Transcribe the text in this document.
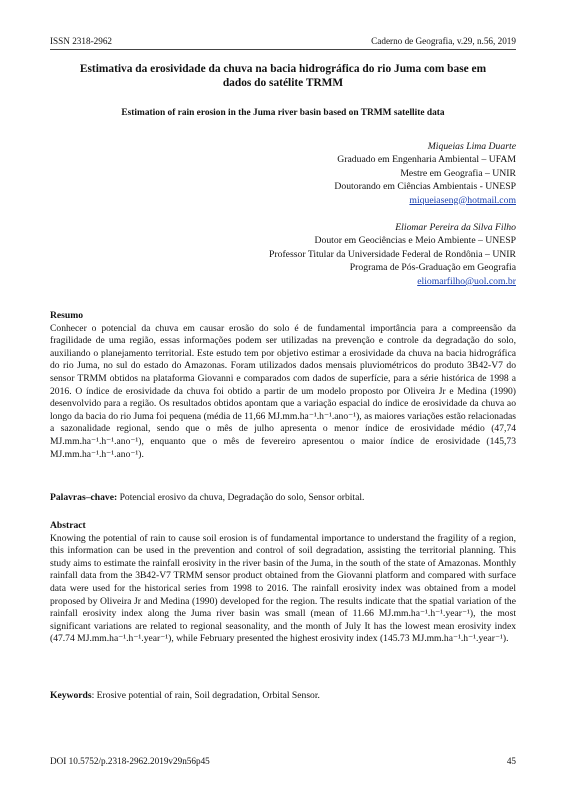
ISSN 2318-2962	Caderno de Geografia, v.29, n.56, 2019
Estimativa da erosividade da chuva na bacia hidrográfica do rio Juma com base em dados do satélite TRMM
Estimation of rain erosion in the Juma river basin based on TRMM satellite data
Miqueias Lima Duarte
Graduado em Engenharia Ambiental – UFAM
Mestre em Geografia – UNIR
Doutorando em Ciências Ambientais - UNESP
miqueiaseng@hotmail.com
Eliomar Pereira da Silva Filho
Doutor em Geociências e Meio Ambiente – UNESP
Professor Titular da Universidade Federal de Rondônia – UNIR
Programa de Pós-Graduação em Geografia
eliomarfilho@uol.com.br
Resumo
Conhecer o potencial da chuva em causar erosão do solo é de fundamental importância para a compreensão da fragilidade de uma região, essas informações podem ser utilizadas na prevenção e controle da degradação do solo, auxiliando o planejamento territorial. Este estudo tem por objetivo estimar a erosividade da chuva na bacia hidrográfica do rio Juma, no sul do estado do Amazonas. Foram utilizados dados mensais pluviométricos do produto 3B42-V7 do sensor TRMM obtidos na plataforma Giovanni e comparados com dados de superfície, para a série histórica de 1998 a 2016. O índice de erosividade da chuva foi obtido a partir de um modelo proposto por Oliveira Jr e Medina (1990) desenvolvido para a região. Os resultados obtidos apontam que a variação espacial do índice de erosividade da chuva ao longo da bacia do rio Juma foi pequena (média de 11,66 MJ.mm.ha⁻¹.h⁻¹.ano⁻¹), as maiores variações estão relacionadas a sazonalidade regional, sendo que o mês de julho apresenta o menor índice de erosividade médio (47,74 MJ.mm.ha⁻¹.h⁻¹.ano⁻¹), enquanto que o mês de fevereiro apresentou o maior índice de erosividade (145,73 MJ.mm.ha⁻¹.h⁻¹.ano⁻¹).
Palavras–chave: Potencial erosivo da chuva, Degradação do solo, Sensor orbital.
Abstract
Knowing the potential of rain to cause soil erosion is of fundamental importance to understand the fragility of a region, this information can be used in the prevention and control of soil degradation, assisting the territorial planning. This study aims to estimate the rainfall erosivity in the river basin of the Juma, in the south of the state of Amazonas. Monthly rainfall data from the 3B42-V7 TRMM sensor product obtained from the Giovanni platform and compared with surface data were used for the historical series from 1998 to 2016. The rainfall erosivity index was obtained from a model proposed by Oliveira Jr and Medina (1990) developed for the region. The results indicate that the spatial variation of the rainfall erosivity index along the Juma river basin was small (mean of 11.66 MJ.mm.ha⁻¹.h⁻¹.year⁻¹), the most significant variations are related to regional seasonality, and the month of July It has the lowest mean erosivity index (47.74 MJ.mm.ha⁻¹.h⁻¹.year⁻¹), while February presented the highest erosivity index (145.73 MJ.mm.ha⁻¹.h⁻¹.year⁻¹).
Keywords: Erosive potential of rain, Soil degradation, Orbital Sensor.
DOI 10.5752/p.2318-2962.2019v29n56p45	45
